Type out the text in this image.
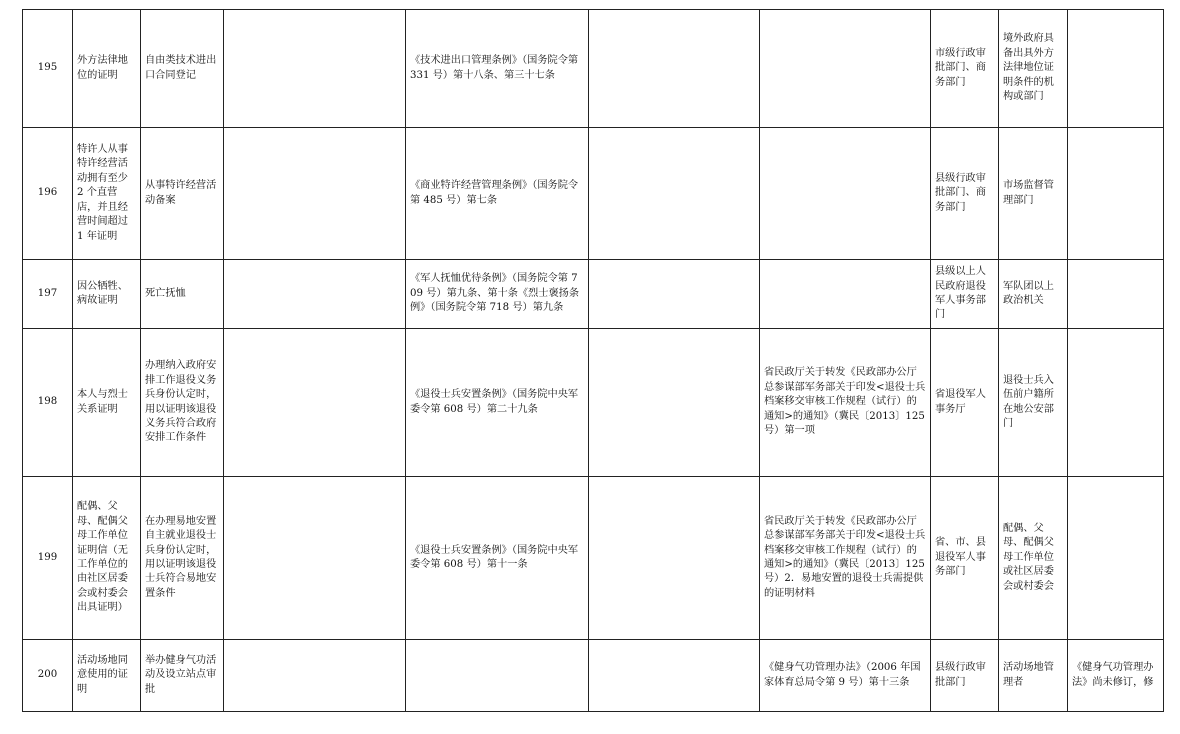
195	外方法律地位的证明	自由类技术进出口合同登记		《技术进出口管理条例》（国务院令第 331 号）第十八条、第三十七条			市级行政审批部门、商务部门	境外政府具备出具外方法律地位证明条件的机构或部门	
196	特许人从事特许经营活动拥有至少 2 个直营店，并且经营时间超过 1 年证明	从事特许经营活动备案		《商业特许经营管理条例》（国务院令第 485 号）第七条			县级行政审批部门、商务部门	市场监督管理部门	
197	因公牺牲、病故证明	死亡抚恤		《军人抚恤优待条例》（国务院令第 709 号）第九条、第十条《烈士褒扬条例》（国务院令第 718 号）第九条			县级以上人民政府退役军人事务部门	军队团以上政治机关	
198	本人与烈士关系证明	办理纳入政府安排工作退役义务兵身份认定时，用以证明该退役义务兵符合政府安排工作条件		《退役士兵安置条例》（国务院中央军委令第 608 号）第二十九条		省民政厅关于转发《民政部办公厅总参谋部军务部关于印发<退役士兵档案移交审核工作规程（试行）的通知>的通知》（冀民〔2013〕125 号）第一项	省退役军人事务厅	退役士兵入伍前户籍所在地公安部门	
199	配偶、父母、配偶父母工作单位证明信（无工作单位的由社区居委会或村委会出具证明）	在办理易地安置自主就业退役士兵身份认定时，用以证明该退役士兵符合易地安置条件		《退役士兵安置条例》（国务院中央军委令第 608 号）第十一条		省民政厅关于转发《民政部办公厅总参谋部军务部关于印发<退役士兵档案移交审核工作规程（试行）的通知>的通知》（冀民〔2013〕125 号）2．易地安置的退役士兵需提供的证明材料	省、市、县退役军人事务部门	配偶、父母、配偶父母工作单位或社区居委会或村委会	
200	活动场地同意使用的证明	举办健身气功活动及设立站点审批				《健身气功管理办法》（2006 年国家体育总局令第 9 号）第十三条	县级行政审批部门	活动场地管理者	《健身气功管理办法》尚未修订，修
